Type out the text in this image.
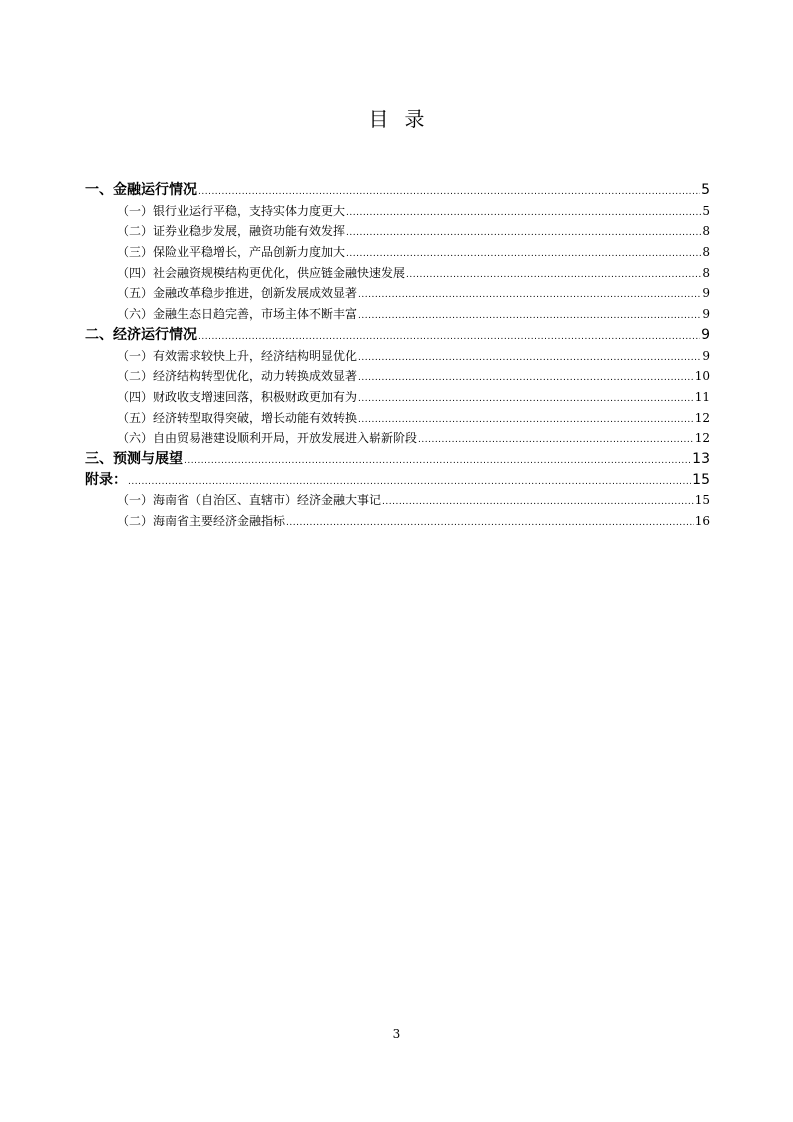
目录
一、金融运行情况 .....	5
（一）银行业运行平稳，支持实体力度更大 .....	5
（二）证券业稳步发展，融资功能有效发挥 .....	8
（三）保险业平稳增长，产品创新力度加大 .....	8
（四）社会融资规模结构更优化，供应链金融快速发展 .....	8
（五）金融改革稳步推进，创新发展成效显著 .....	9
（六）金融生态日趋完善，市场主体不断丰富 .....	9
二、经济运行情况 .....	9
（一）有效需求较快上升，经济结构明显优化 .....	9
（二）经济结构转型优化，动力转换成效显著 .....	10
（四）财政收支增速回落，积极财政更加有为 .....	11
（五）经济转型取得突破，增长动能有效转换 .....	12
（六）自由贸易港建设顺利开局，开放发展进入崭新阶段 .....	12
三、预测与展望 .....	13
附录： .....	15
（一）海南省（自治区、直辖市）经济金融大事记 .....	15
（二）海南省主要经济金融指标 .....	16
3
